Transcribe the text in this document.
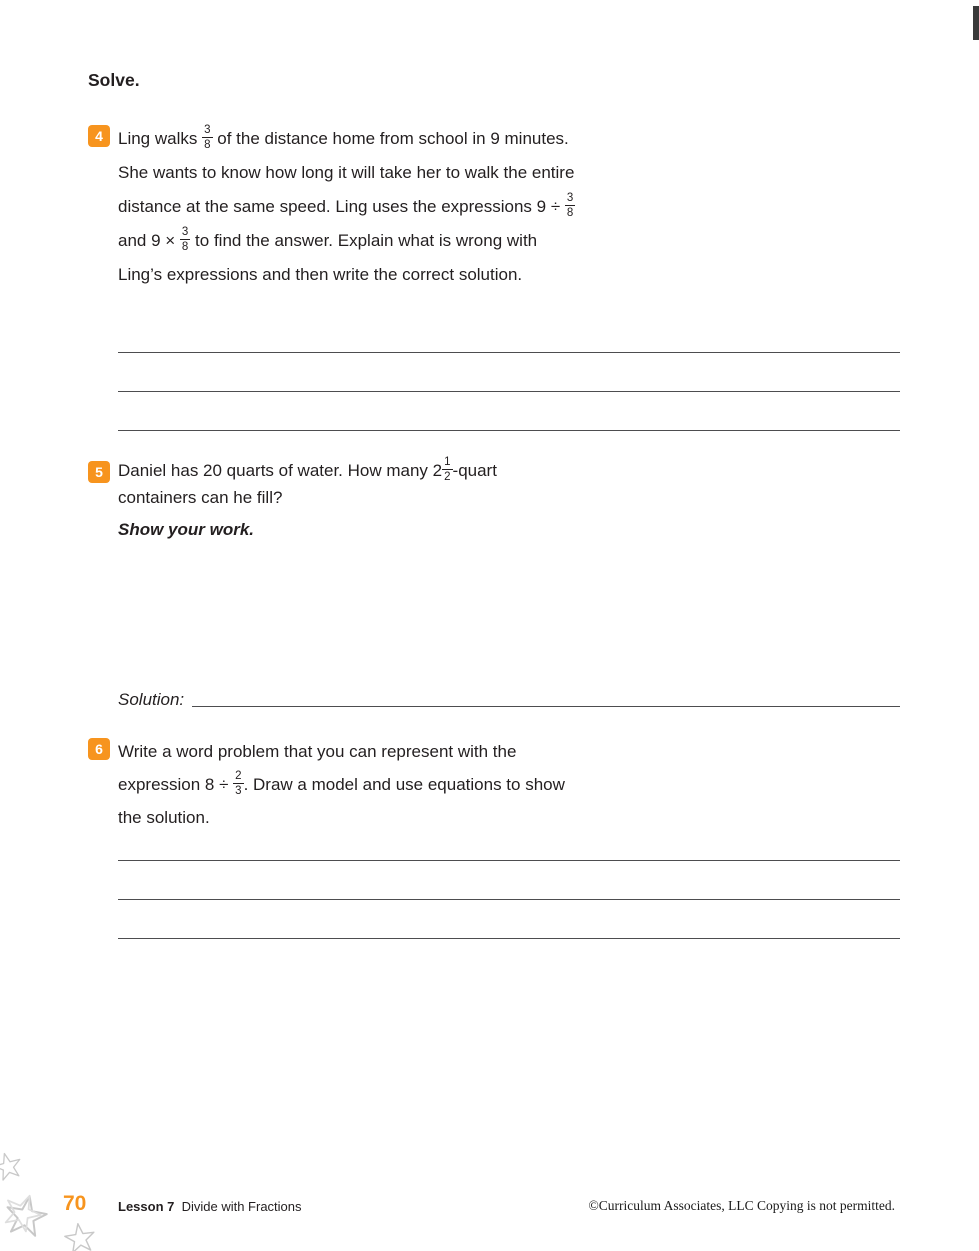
Solve.
4 Ling walks $\frac{3}{8}$ of the distance home from school in 9 minutes. She wants to know how long it will take her to walk the entire distance at the same speed. Ling uses the expressions $9 \div \frac{3}{8}$
and $9 \times \frac{3}{8}$ to find the answer. Explain what is wrong with Ling’s expressions and then write the correct solution.

5 Daniel has 20 quarts of water. How many $2 \frac{1}{2}$ -quart containers can he fill?

Show your work.

Solution:
6 Write a word problem that you can represent with the expression $8 \div \frac{2}{3}$ . Draw a model and use equations to show the solution.

70 Lesson 7 Divide with Fractions	©Curriculum Associates, LLC Copying is not permitted.
